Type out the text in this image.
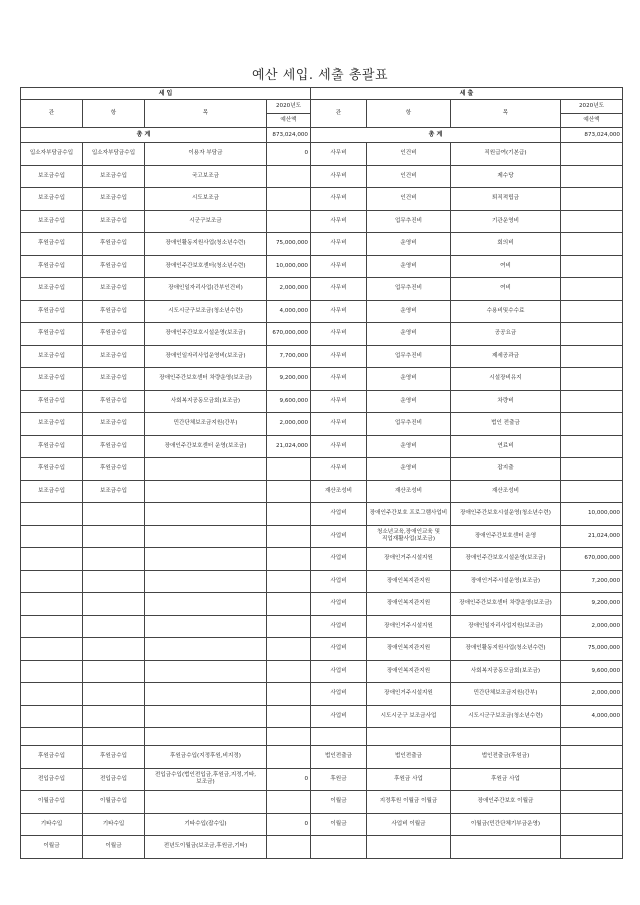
예산 세입. 세출 총괄표
세 입				세 출			
관	항	목	2020년도	관	항	목	2020년도
			예산액				예산액
총 계			873,024,000	총 계			873,024,000
입소자부담금수입	입소자부담금수입	이용자 부담금	0	사무비	인건비	직원급여(기본급)	
보조금수입	보조금수입	국고보조금		사무비	인건비	제수당	
보조금수입	보조금수입	시도보조금		사무비	인건비	퇴직적립금	
보조금수입	보조금수입	시군구보조금		사무비	업무추진비	기관운영비	
후원금수입	후원금수입	장애인활동지원사업(청소년수련)	75,000,000	사무비	운영비	회의비	
후원금수입	후원금수입	장애인주간보호센터(청소년수련)	10,000,000	사무비	운영비	여비	
보조금수입	보조금수입	장애인일자리사업(간부인건비)	2,000,000	사무비	업무추진비	여비	
후원금수입	후원금수입	시도시군구보조금(청소년수련)	4,000,000	사무비	운영비	수용비및수수료	
후원금수입	후원금수입	장애인주간보호시설운영(보조금)	670,000,000	사무비	운영비	공공요금	
보조금수입	보조금수입	장애인일자리사업운영비(보조금)	7,700,000	사무비	업무추진비	제세공과금	
보조금수입	보조금수입	장애인주간보호센터 차량운영(보조금)	9,200,000	사무비	운영비	시설장비유지	
후원금수입	후원금수입	사회복지공동모금회(보조금)	9,600,000	사무비	운영비	차량비	
보조금수입	보조금수입	민간단체보조금지원(간부)	2,000,000	사무비	업무추진비	법인 전출금	
후원금수입	후원금수입	장애인주간보호센터 운영(보조금)	21,024,000	사무비	운영비	연료비	
후원금수입	후원금수입			사무비	운영비	잡지출	
보조금수입	보조금수입			재산조성비	재산조성비	재산조성비	
				사업비	장애인주간보호 프로그램사업비	장애인주간보호시설운영(청소년수련)	10,000,000
				사업비	청소년교육,장애인교육 및 직업재활사업(보조금)	장애인주간보호센터 운영	21,024,000
				사업비	장애인거주시설지원	장애인주간보호시설운영(보조금)	670,000,000
				사업비	장애인복지관지원	장애인거주시설운영(보조금)	7,200,000
				사업비	장애인복지관지원	장애인주간보호센터 차량운영(보조금)	9,200,000
				사업비	장애인거주시설지원	장애인일자리사업지원(보조금)	2,000,000
				사업비	장애인복지관지원	장애인활동지원사업(청소년수련)	75,000,000
				사업비	장애인복지관지원	사회복지공동모금회(보조금)	9,600,000
				사업비	장애인거주시설지원	민간단체보조금지원(간부)	2,000,000
				사업비	시도시군구 보조금사업	시도시군구보조금(청소년수련)	4,000,000

후원금수입	후원금수입	후원금수입(지정후원,비지정)		법인전출금	법인전출금	법인전출금(후원금)	
전입금수입	전입금수입	전입금수입(법인전입금,후원금,지정,기타,보조금)	0	후원금	후원금 사업	후원금 사업	
이월금수입	이월금수입			이월금	지정후원 이월금 이월금	장애인주간보호 이월금	
기타수입	기타수입	기타수입(잡수입)	0	이월금	사업비 이월금	이월금(민간단체기부금운영)	
이월금	이월금	전년도이월금(보조금,후원금,기타)					
